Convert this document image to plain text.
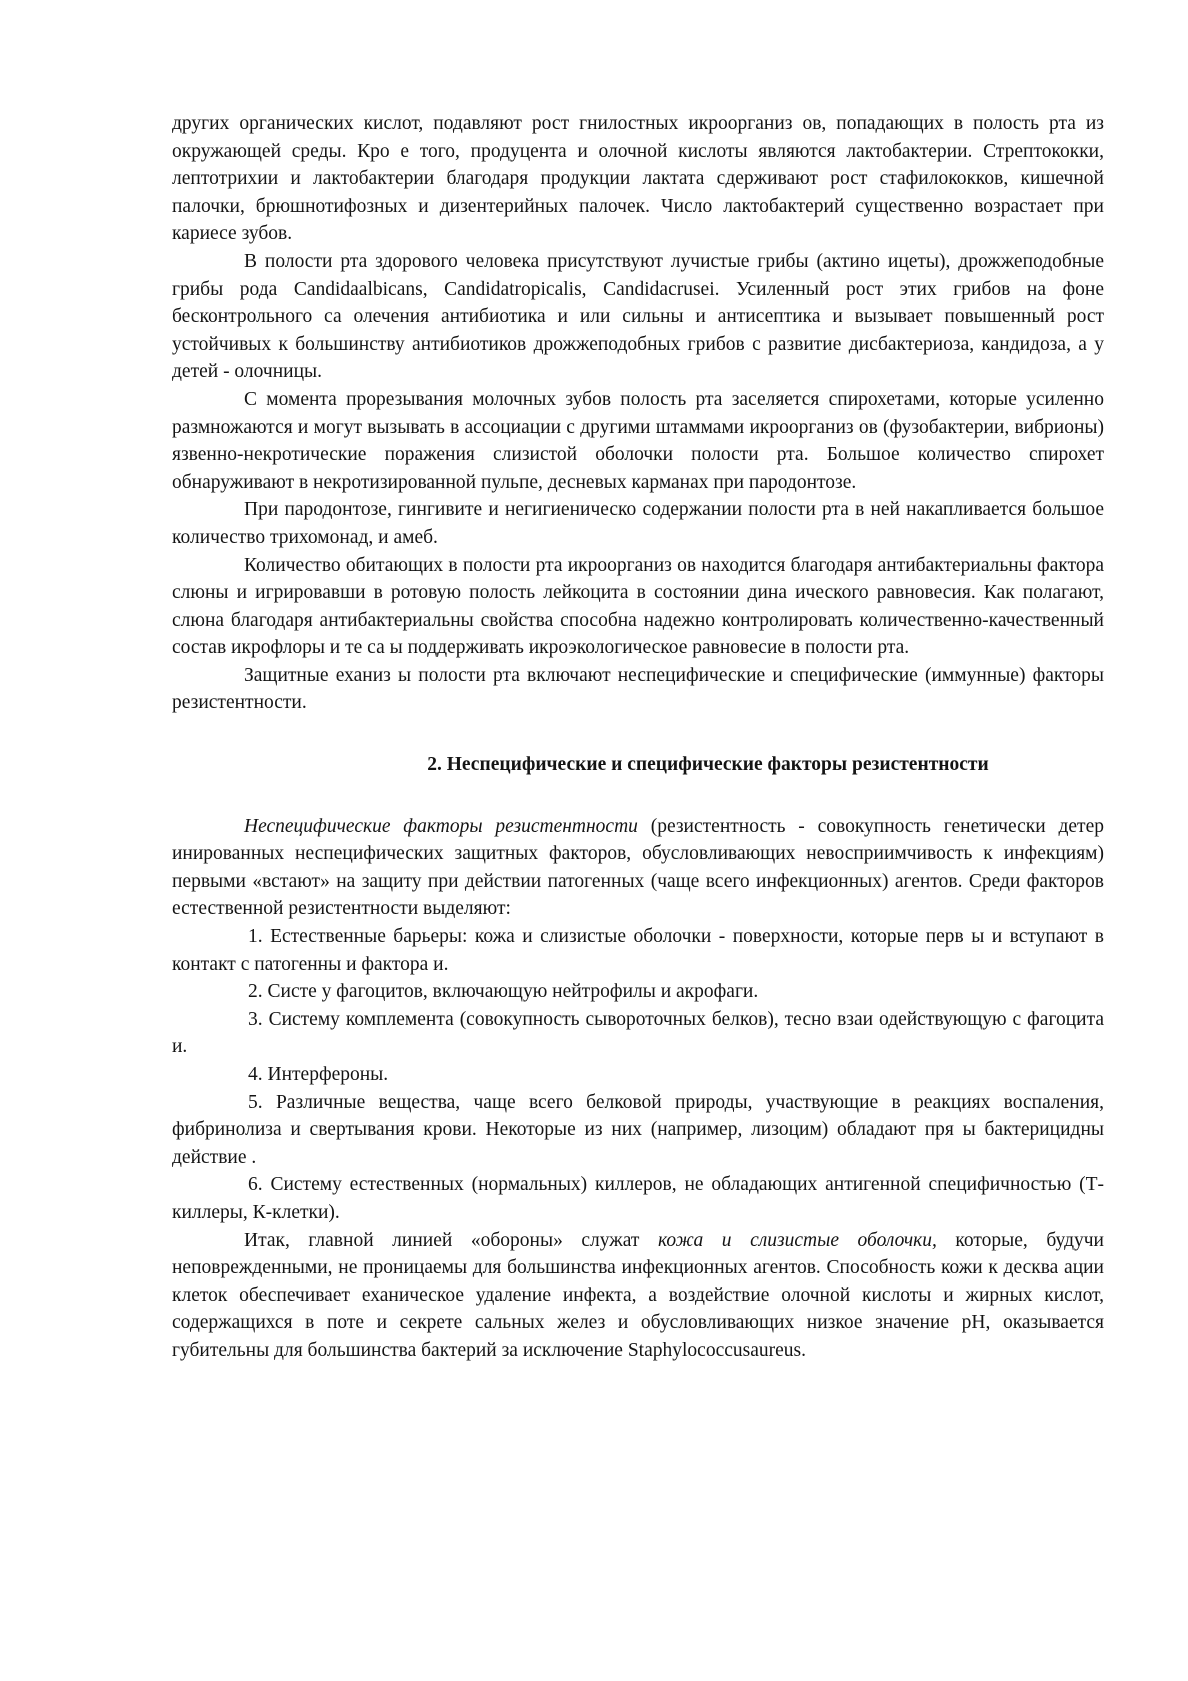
других органических кислот, подавляют рост гнилостных икроорганиз ов, попадающих в полость рта из окружающей среды. Кро е того, продуцента и олочной кислоты являются лактобактерии. Стрептококки, лептотрихии и лактобактерии благодаря продукции лактата сдерживают рост стафилококков, кишечной палочки, брюшнотифозных и дизентерийных палочек. Число лактобактерий существенно возрастает при кариесе зубов.

В полости рта здорового человека присутствуют лучистые грибы (актино ицеты), дрожжеподобные грибы рода Candidaalbicans, Candidatropicalis, Candidacrusei. Усиленный рост этих грибов на фоне бесконтрольного са олечения антибиотика и или сильны и антисептика и вызывает повышенный рост устойчивых к большинству антибиотиков дрожжеподобных грибов с развитие дисбактериоза, кандидоза, а у детей - олочницы.

С момента прорезывания молочных зубов полость рта заселяется спирохетами, которые усиленно размножаются и могут вызывать в ассоциации с другими штаммами икроорганиз ов (фузобактерии, вибрионы) язвенно-некротические поражения слизистой оболочки полости рта. Большое количество спирохет обнаруживают в некротизированной пульпе, десневых карманах при пародонтозе.

При пародонтозе, гингивите и негигиеническо содержании полости рта в ней накапливается большое количество трихомонад, и амеб.

Количество обитающих в полости рта икроорганиз ов находится благодаря антибактериальны фактора слюны и игрировавши в ротовую полость лейкоцита в состоянии дина ического равновесия. Как полагают, слюна благодаря антибактериальны свойства способна надежно контролировать количественно-качественный состав икрофлоры и те са ы поддерживать икроэкологическое равновесие в полости рта.

Защитные еханиз ы полости рта включают неспецифические и специфические (иммунные) факторы резистентности.

2. Неспецифические и специфические факторы резистентности

Неспецифические факторы резистентности (резистентность - совокупность генетически детер инированных неспецифических защитных факторов, обусловливающих невосприимчивость к инфекциям) первыми «встают» на защиту при действии патогенных (чаще всего инфекционных) агентов. Среди факторов естественной резистентности выделяют:

1. Естественные барьеры: кожа и слизистые оболочки - поверхности, которые перв ы и вступают в контакт с патогенны и фактора и.

2. Систе у фагоцитов, включающую нейтрофилы и акрофаги.

3. Систему комплемента (совокупность сывороточных белков), тесно взаи одействующую с фагоцита и.

4. Интерфероны.

5. Различные вещества, чаще всего белковой природы, участвующие в реакциях воспаления, фибринолиза и свертывания крови. Некоторые из них (например, лизоцим) обладают пря ы бактерицидны действие .

6. Систему естественных (нормальных) киллеров, не обладающих антигенной специфичностью (Т-киллеры, К-клетки).

Итак, главной линией «обороны» служат кожа и слизистые оболочки, которые, будучи неповрежденными, не проницаемы для большинства инфекционных агентов. Способность кожи к десква ации клеток обеспечивает еханическое удаление инфекта, а воздействие олочной кислоты и жирных кислот, содержащихся в поте и секрете сальных желез и обусловливающих низкое значение pH, оказывается губительны для большинства бактерий за исключение Staphylococcusaureus.
